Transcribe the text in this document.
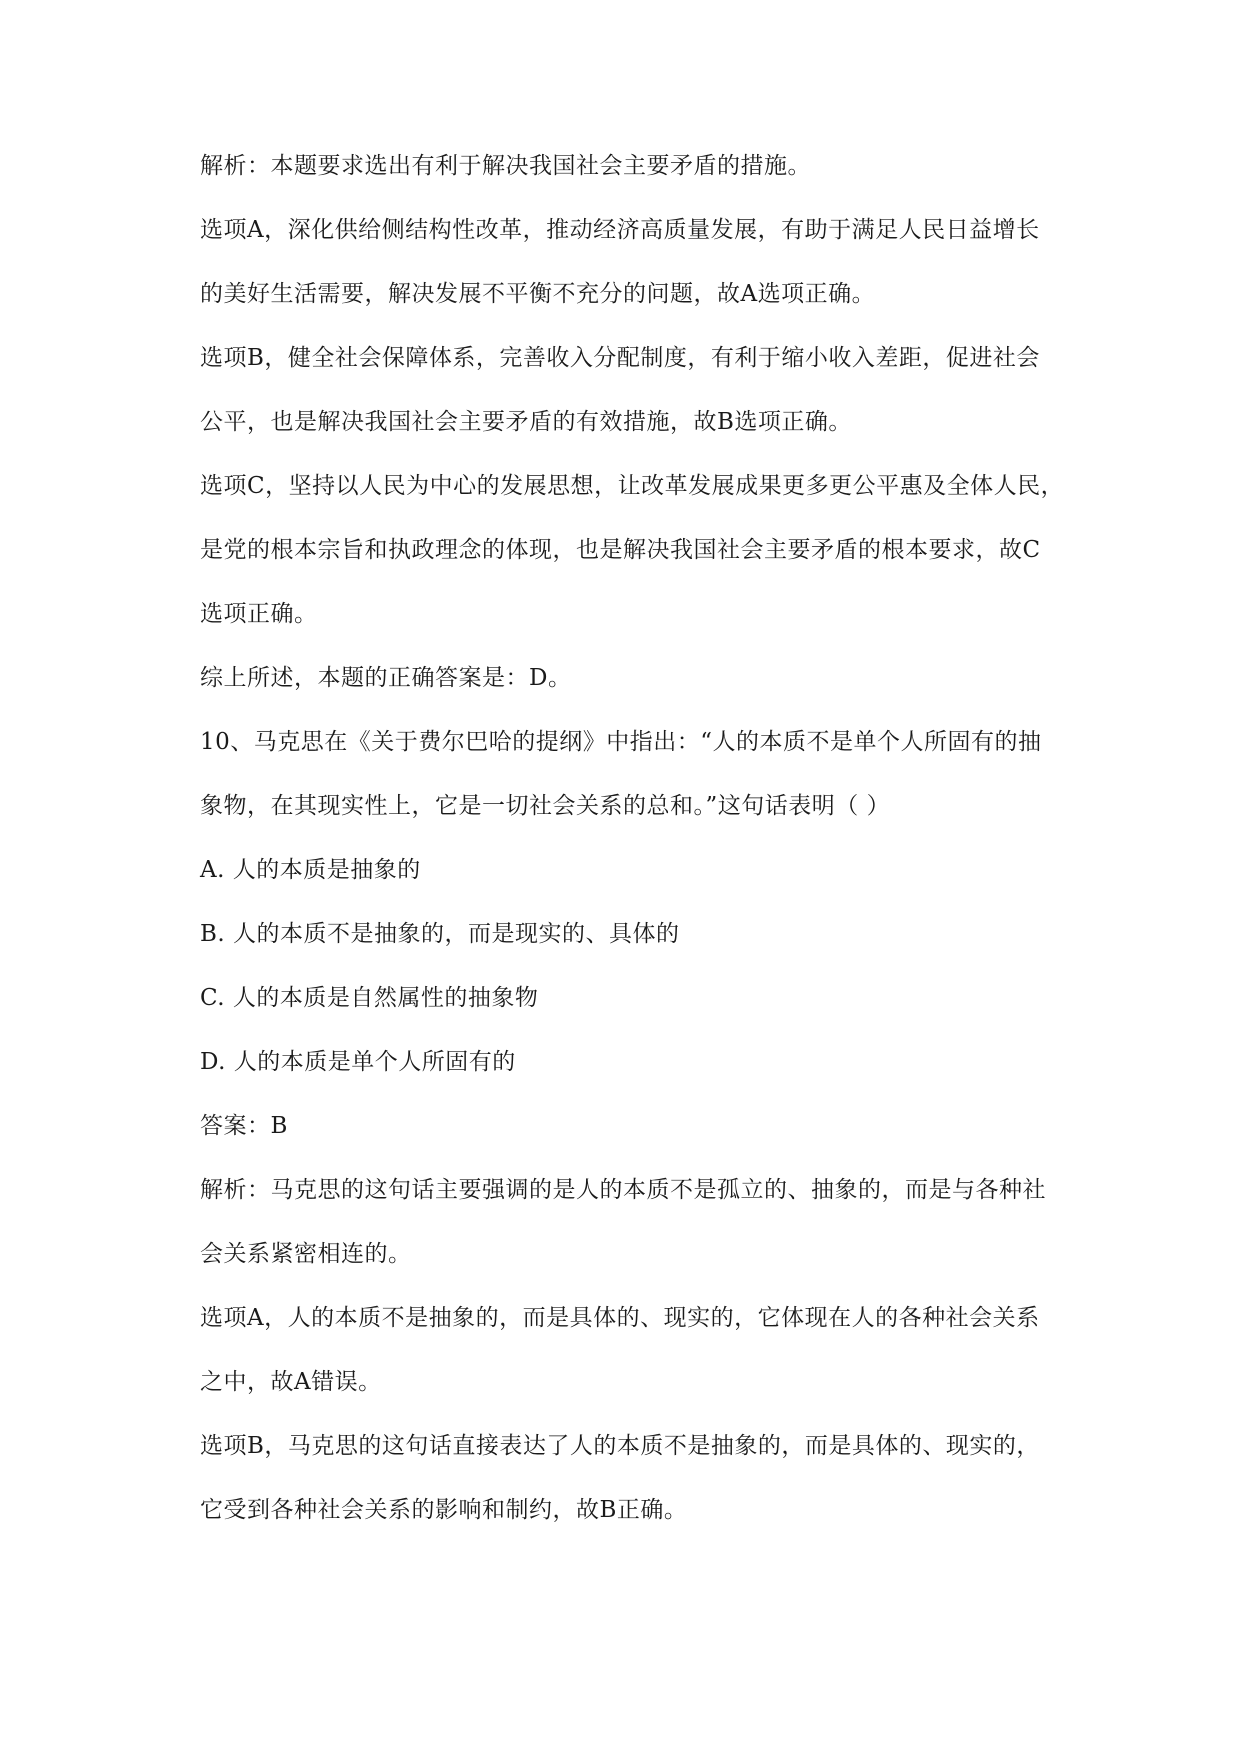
解析：本题要求选出有利于解决我国社会主要矛盾的措施。
选项A，深化供给侧结构性改革，推动经济高质量发展，有助于满足人民日益增长
的美好生活需要，解决发展不平衡不充分的问题，故A选项正确。
选项B，健全社会保障体系，完善收入分配制度，有利于缩小收入差距，促进社会
公平，也是解决我国社会主要矛盾的有效措施，故B选项正确。
选项C，坚持以人民为中心的发展思想，让改革发展成果更多更公平惠及全体人民，
是党的根本宗旨和执政理念的体现，也是解决我国社会主要矛盾的根本要求，故C
选项正确。
综上所述，本题的正确答案是：D。
10、马克思在《关于费尔巴哈的提纲》中指出：“人的本质不是单个人所固有的抽
象物，在其现实性上，它是一切社会关系的总和。”这句话表明（ ）
A. 人的本质是抽象的
B. 人的本质不是抽象的，而是现实的、具体的
C. 人的本质是自然属性的抽象物
D. 人的本质是单个人所固有的
答案：B
解析：马克思的这句话主要强调的是人的本质不是孤立的、抽象的，而是与各种社
会关系紧密相连的。
选项A，人的本质不是抽象的，而是具体的、现实的，它体现在人的各种社会关系
之中，故A错误。
选项B，马克思的这句话直接表达了人的本质不是抽象的，而是具体的、现实的，
它受到各种社会关系的影响和制约，故B正确。
